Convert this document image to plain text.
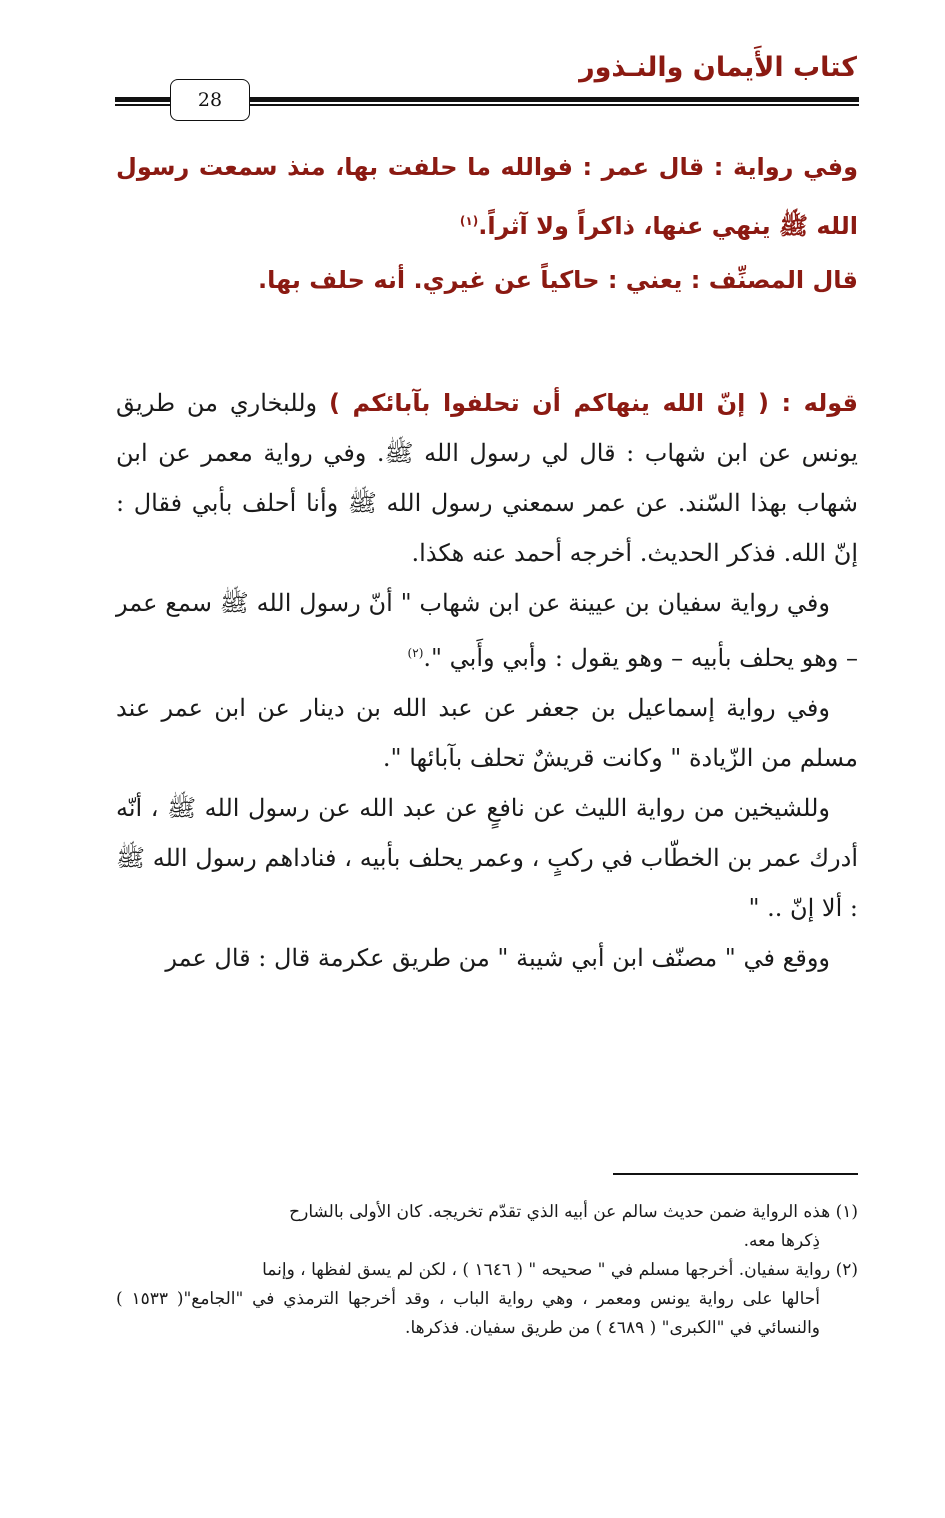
كتاب الأَيمان والنـذور
28

وفي رواية : قال عمر : فوالله ما حلفت بها، منذ سمعت رسول الله ﷺ ينهي عنها، ذاكراً ولا آثراً.$^{(١)}$

قال المصنِّف : يعني : حاكياً عن غيري. أنه حلف بها.

قوله : ( إنّ الله ينهاكم أن تحلفوا بآبائكم ) وللبخاري من طريق يونس عن ابن شهاب : قال لي رسول الله ﷺ. وفي رواية معمر عن ابن شهاب بهذا السّند. عن عمر سمعني رسول الله ﷺ وأنا أحلف بأبي فقال : إنّ الله. فذكر الحديث. أخرجه أحمد عنه هكذا.

وفي رواية سفيان بن عيينة عن ابن شهاب " أنّ رسول الله ﷺ سمع عمر – وهو يحلف بأبيه – وهو يقول : وأبي وأَبي ".$^{(٢)}$

وفي رواية إسماعيل بن جعفر عن عبد الله بن دينار عن ابن عمر عند مسلم من الزّيادة " وكانت قريشٌ تحلف بآبائها ".

وللشيخين من رواية الليث عن نافعٍ عن عبد الله عن رسول الله ﷺ ، أنّه أدرك عمر بن الخطّاب في ركبٍ ، وعمر يحلف بأبيه ، فناداهم رسول الله ﷺ : ألا إنّ .. "

ووقع في " مصنّف ابن أبي شيبة " من طريق عكرمة قال : قال عمر

(١) هذه الرواية ضمن حديث سالم عن أبيه الذي تقدّم تخريجه. كان الأولى بالشارح

ذِكرها معه.

(٢) رواية سفيان. أخرجها مسلم في " صحيحه " ( ١٦٤٦ ) ، لكن لم يسق لفظها ، وإنما

أحالها على رواية يونس ومعمر ، وهي رواية الباب ، وقد أخرجها الترمذي في "الجامع"( ١٥٣٣ ) والنسائي في "الكبرى" ( ٤٦٨٩ ) من طريق سفيان. فذكرها.
